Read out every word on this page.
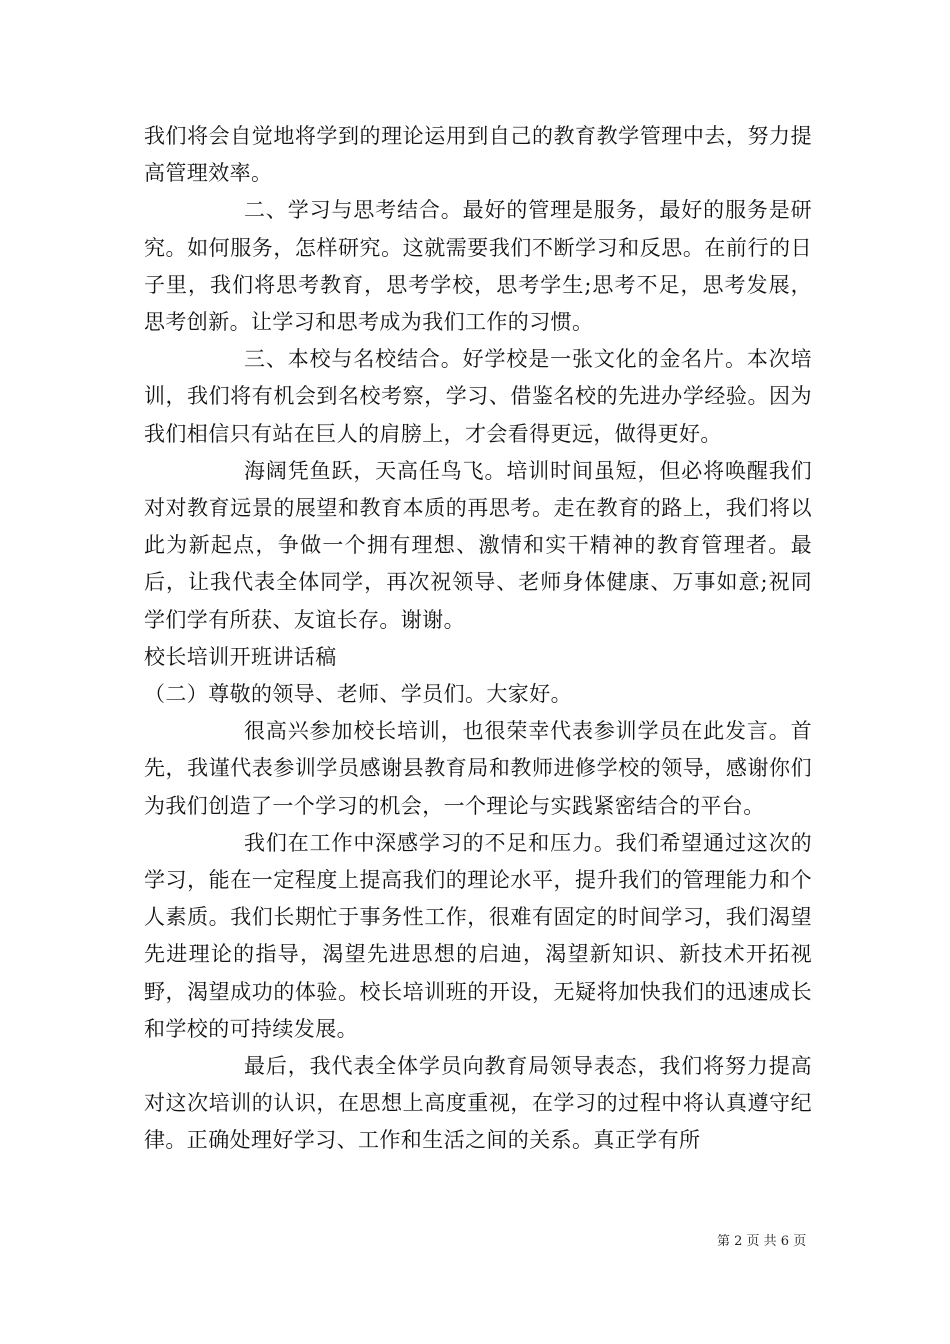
我们将会自觉地将学到的理论运用到自己的教育教学管理中去，努力提高管理效率。

二、学习与思考结合。最好的管理是服务，最好的服务是研究。如何服务，怎样研究。这就需要我们不断学习和反思。在前行的日子里，我们将思考教育，思考学校，思考学生;思考不足，思考发展，思考创新。让学习和思考成为我们工作的习惯。

三、本校与名校结合。好学校是一张文化的金名片。本次培训，我们将有机会到名校考察，学习、借鉴名校的先进办学经验。因为我们相信只有站在巨人的肩膀上，才会看得更远，做得更好。

海阔凭鱼跃，天高任鸟飞。培训时间虽短，但必将唤醒我们对对教育远景的展望和教育本质的再思考。走在教育的路上，我们将以此为新起点，争做一个拥有理想、激情和实干精神的教育管理者。最后，让我代表全体同学，再次祝领导、老师身体健康、万事如意;祝同学们学有所获、友谊长存。谢谢。

校长培训开班讲话稿

（二）尊敬的领导、老师、学员们。大家好。

很高兴参加校长培训，也很荣幸代表参训学员在此发言。首先，我谨代表参训学员感谢县教育局和教师进修学校的领导，感谢你们为我们创造了一个学习的机会，一个理论与实践紧密结合的平台。

我们在工作中深感学习的不足和压力。我们希望通过这次的学习，能在一定程度上提高我们的理论水平，提升我们的管理能力和个人素质。我们长期忙于事务性工作，很难有固定的时间学习，我们渴望先进理论的指导，渴望先进思想的启迪，渴望新知识、新技术开拓视野，渴望成功的体验。校长培训班的开设，无疑将加快我们的迅速成长和学校的可持续发展。

最后，我代表全体学员向教育局领导表态，我们将努力提高对这次培训的认识，在思想上高度重视，在学习的过程中将认真遵守纪律。正确处理好学习、工作和生活之间的关系。真正学有所

第 2 页 共 6 页
